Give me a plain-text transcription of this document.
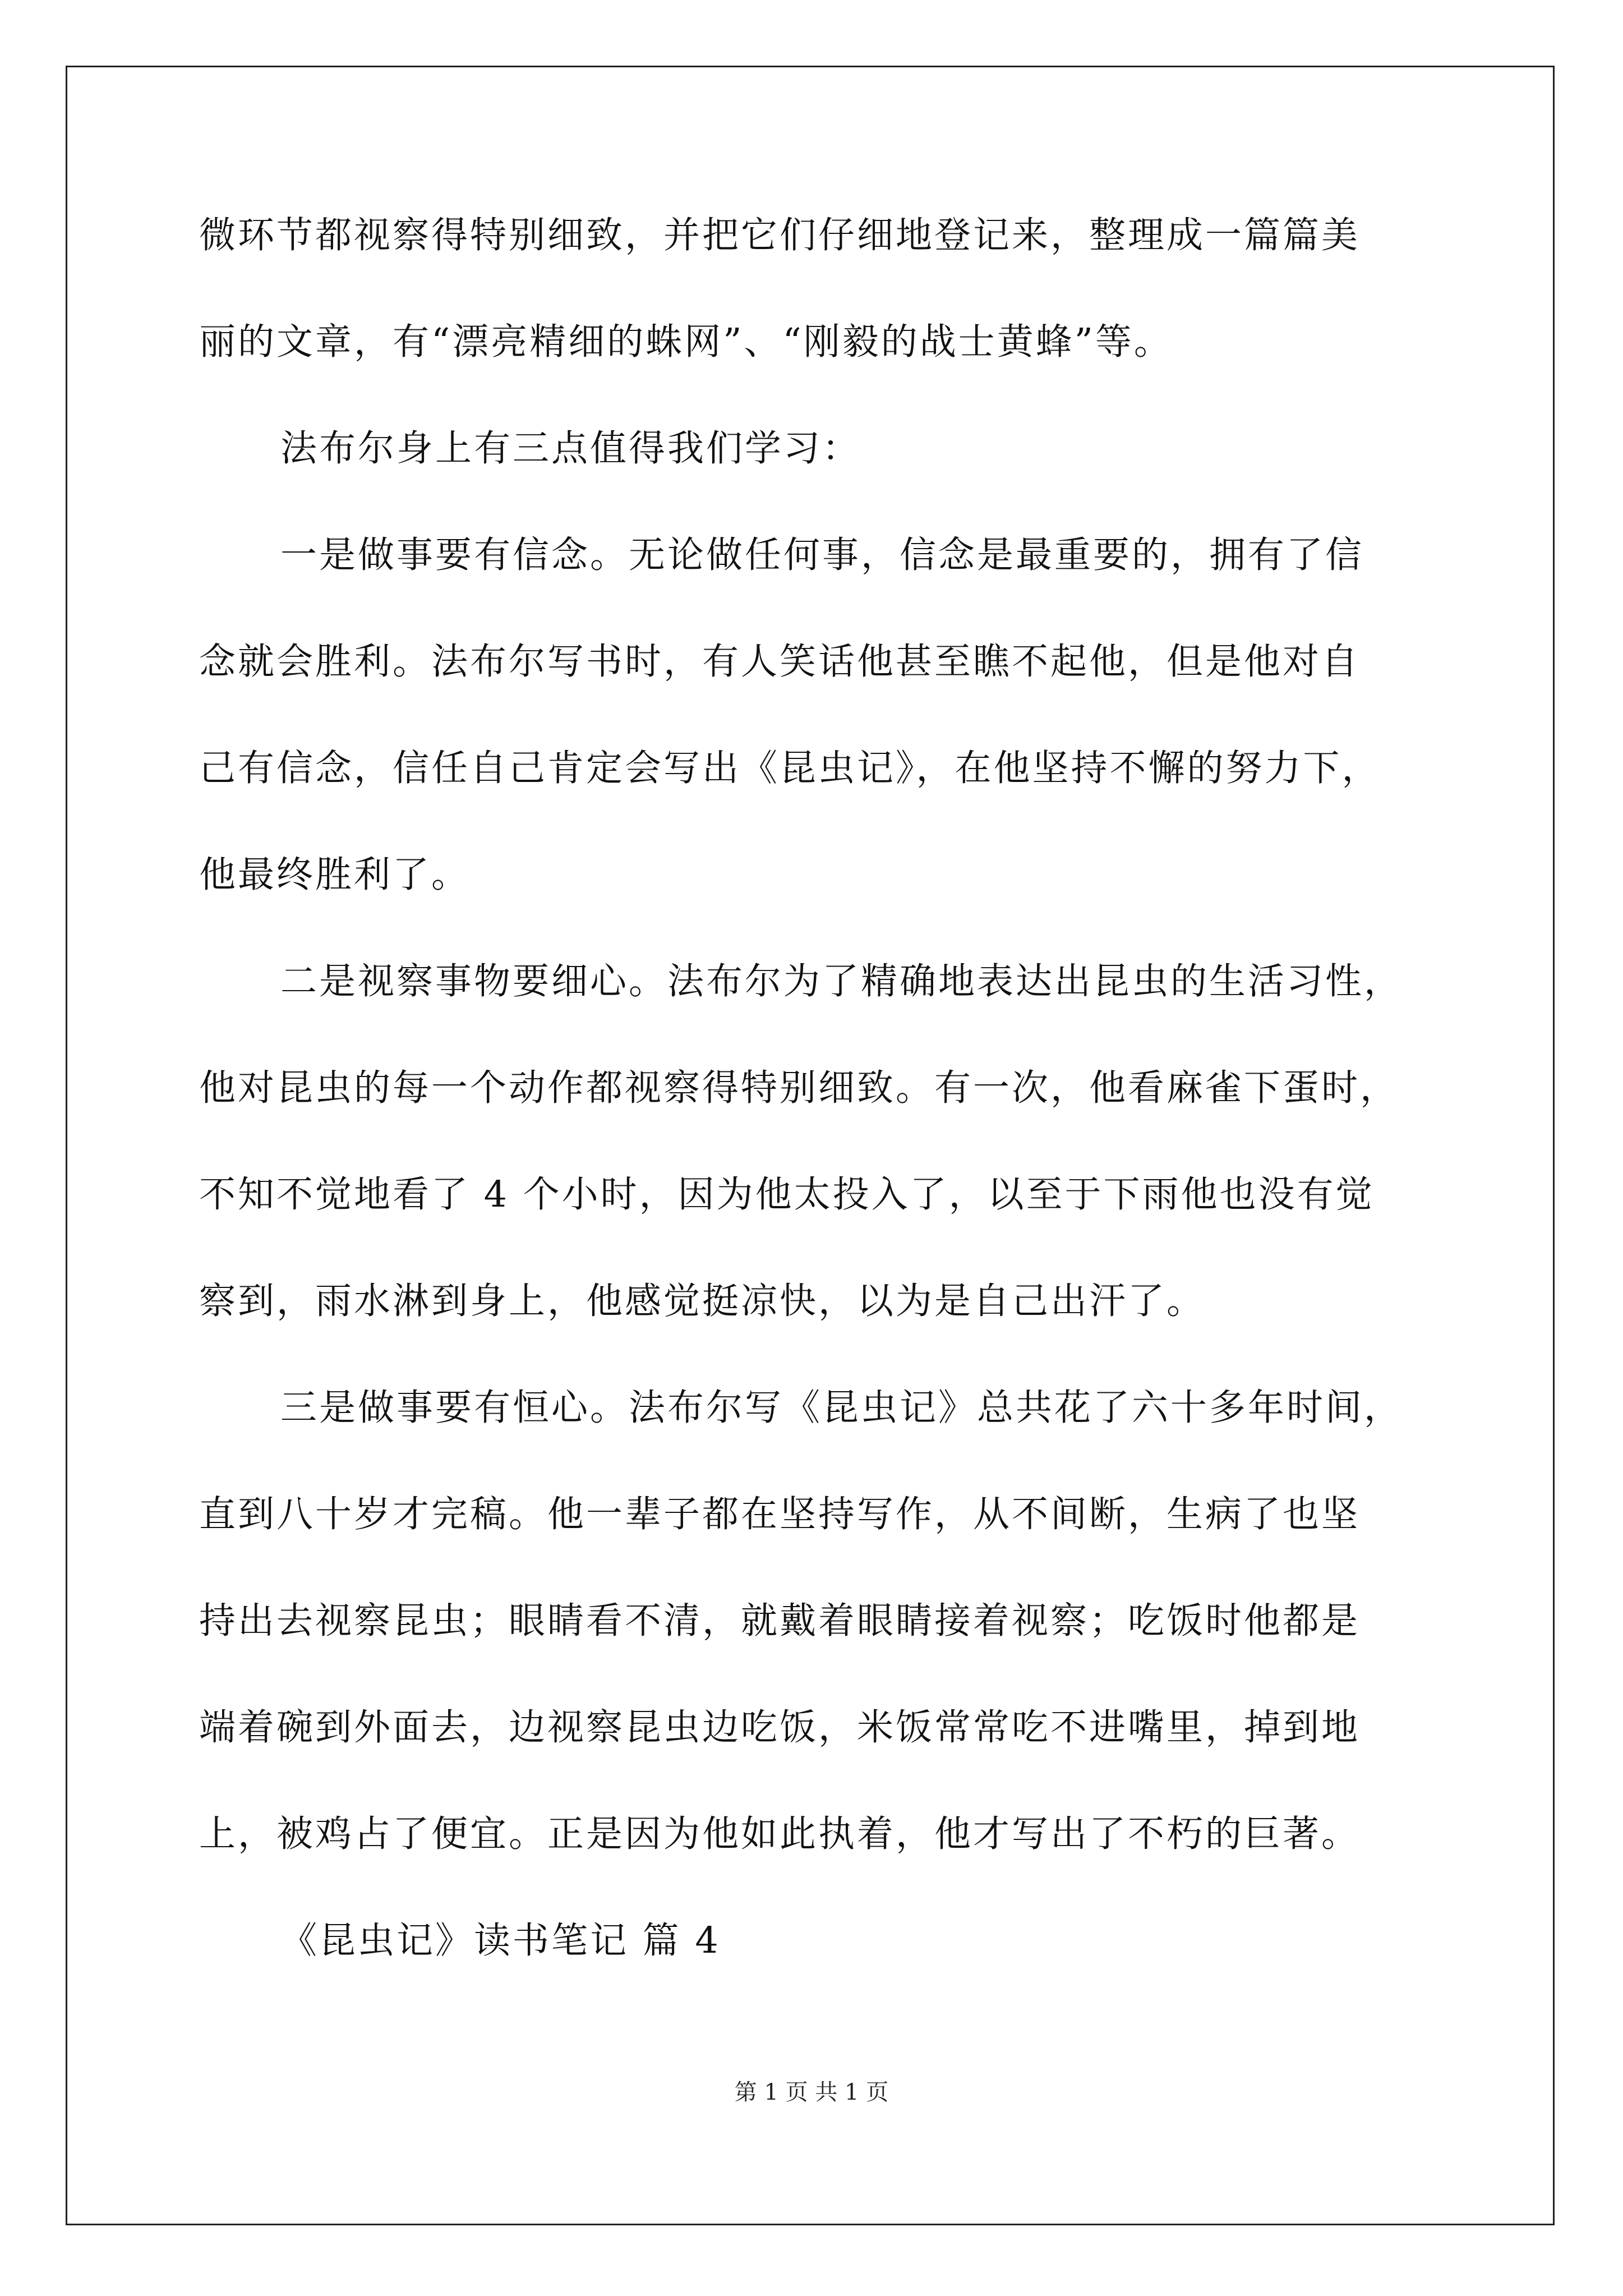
微环节都视察得特别细致，并把它们仔细地登记来，整理成一篇篇美
丽的文章，有“漂亮精细的蛛网”、“刚毅的战士黄蜂”等。
法布尔身上有三点值得我们学习：
一是做事要有信念。无论做任何事，信念是最重要的，拥有了信
念就会胜利。法布尔写书时，有人笑话他甚至瞧不起他，但是他对自
己有信念，信任自己肯定会写出《昆虫记》，在他坚持不懈的努力下，
他最终胜利了。
二是视察事物要细心。法布尔为了精确地表达出昆虫的生活习性，
他对昆虫的每一个动作都视察得特别细致。有一次，他看麻雀下蛋时，
不知不觉地看了 4 个小时，因为他太投入了，以至于下雨他也没有觉
察到，雨水淋到身上，他感觉挺凉快，以为是自己出汗了。
三是做事要有恒心。法布尔写《昆虫记》总共花了六十多年时间，
直到八十岁才完稿。他一辈子都在坚持写作，从不间断，生病了也坚
持出去视察昆虫；眼睛看不清，就戴着眼睛接着视察；吃饭时他都是
端着碗到外面去，边视察昆虫边吃饭，米饭常常吃不进嘴里，掉到地
上，被鸡占了便宜。正是因为他如此执着，他才写出了不朽的巨著。
《昆虫记》读书笔记 篇 4
第 1 页 共 1 页
